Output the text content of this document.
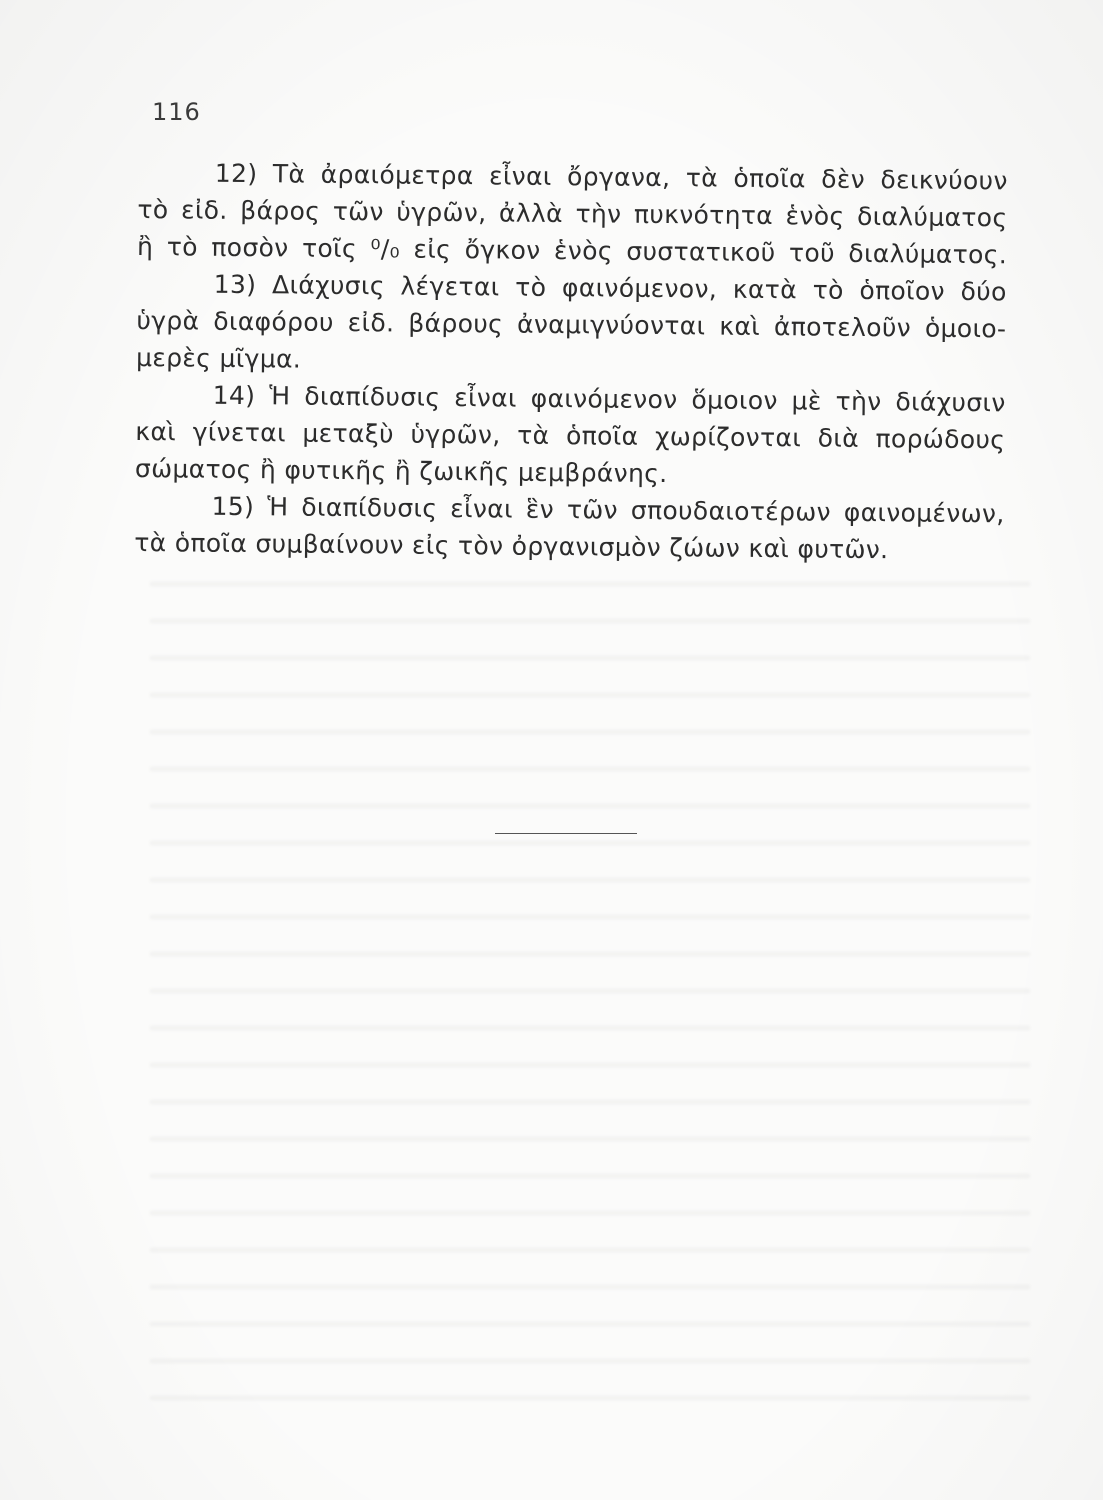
116
12) Τὰ ἀραιόμετρα εἶναι ὄργανα, τὰ ὁποῖα δὲν δεικνύουν
τὸ εἰδ. βάρος τῶν ὑγρῶν, ἀλλὰ τὴν πυκνότητα ἑνὸς διαλύματος
ἢ τὸ ποσὸν τοῖς ⁰/₀ εἰς ὄγκον ἑνὸς συστατικοῦ τοῦ διαλύματος.
13) Διάχυσις λέγεται τὸ φαινόμενον, κατὰ τὸ ὁποῖον δύο
ὑγρὰ διαφόρου εἰδ. βάρους ἀναμιγνύονται καὶ ἀποτελοῦν ὁμοιο-
μερὲς μῖγμα.
14) Ἡ διαπίδυσις εἶναι φαινόμενον ὅμοιον μὲ τὴν διάχυσιν
καὶ γίνεται μεταξὺ ὑγρῶν, τὰ ὁποῖα χωρίζονται διὰ πορώδους
σώματος ἢ φυτικῆς ἢ ζωικῆς μεμβράνης.
15) Ἡ διαπίδυσις εἶναι ἓν τῶν σπουδαιοτέρων φαινομένων,
τὰ ὁποῖα συμβαίνουν εἰς τὸν ὀργανισμὸν ζώων καὶ φυτῶν.
